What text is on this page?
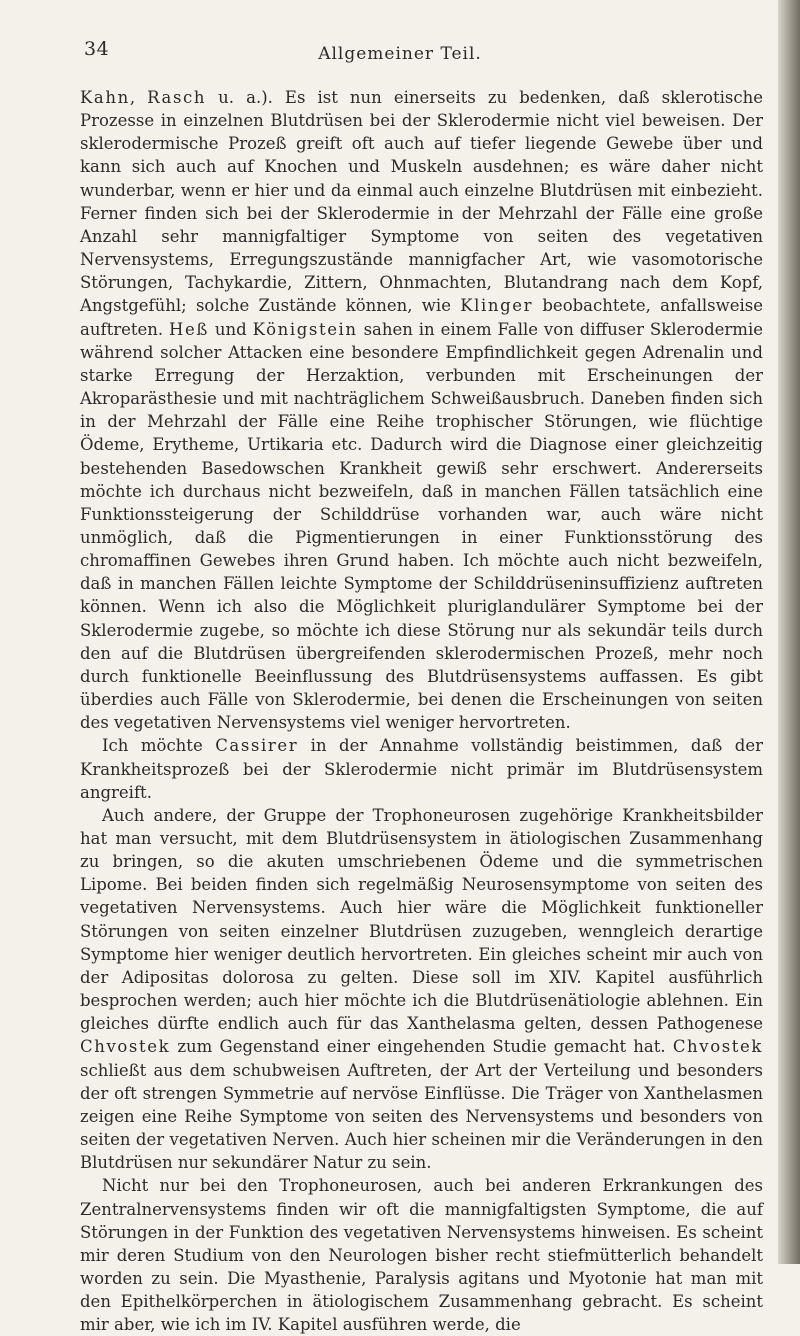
34	Allgemeiner Teil.

Kahn, Rasch u. a.). Es ist nun einerseits zu bedenken, daß sklerotische Prozesse in einzelnen Blutdrüsen bei der Sklerodermie nicht viel beweisen. Der sklerodermische Prozeß greift oft auch auf tiefer liegende Gewebe über und kann sich auch auf Knochen und Muskeln ausdehnen; es wäre daher nicht wunderbar, wenn er hier und da einmal auch einzelne Blutdrüsen mit einbezieht. Ferner finden sich bei der Sklerodermie in der Mehrzahl der Fälle eine große Anzahl sehr mannigfaltiger Symptome von seiten des vegetativen Nervensystems, Erregungszustände mannigfacher Art, wie vasomotorische Störungen, Tachykardie, Zittern, Ohnmachten, Blutandrang nach dem Kopf, Angstgefühl; solche Zustände können, wie Klinger beobachtete, anfallsweise auftreten. Heß und Königstein sahen in einem Falle von diffuser Sklerodermie während solcher Attacken eine besondere Empfindlichkeit gegen Adrenalin und starke Erregung der Herzaktion, verbunden mit Erscheinungen der Akroparästhesie und mit nachträglichem Schweißausbruch. Daneben finden sich in der Mehrzahl der Fälle eine Reihe trophischer Störungen, wie flüchtige Ödeme, Erytheme, Urtikaria etc. Dadurch wird die Diagnose einer gleichzeitig bestehenden Basedowschen Krankheit gewiß sehr erschwert. Andererseits möchte ich durchaus nicht bezweifeln, daß in manchen Fällen tatsächlich eine Funktionssteigerung der Schilddrüse vorhanden war, auch wäre nicht unmöglich, daß die Pigmentierungen in einer Funktionsstörung des chromaffinen Gewebes ihren Grund haben. Ich möchte auch nicht bezweifeln, daß in manchen Fällen leichte Symptome der Schilddrüseninsuffizienz auftreten können. Wenn ich also die Möglichkeit pluriglandulärer Symptome bei der Sklerodermie zugebe, so möchte ich diese Störung nur als sekundär teils durch den auf die Blutdrüsen übergreifenden sklerodermischen Prozeß, mehr noch durch funktionelle Beeinflussung des Blutdrüsensystems auffassen. Es gibt überdies auch Fälle von Sklerodermie, bei denen die Erscheinungen von seiten des vegetativen Nervensystems viel weniger hervortreten.

Ich möchte Cassirer in der Annahme vollständig beistimmen, daß der Krankheitsprozeß bei der Sklerodermie nicht primär im Blutdrüsensystem angreift.

Auch andere, der Gruppe der Trophoneurosen zugehörige Krankheitsbilder hat man versucht, mit dem Blutdrüsensystem in ätiologischen Zusammenhang zu bringen, so die akuten umschriebenen Ödeme und die symmetrischen Lipome. Bei beiden finden sich regelmäßig Neurosensymptome von seiten des vegetativen Nervensystems. Auch hier wäre die Möglichkeit funktioneller Störungen von seiten einzelner Blutdrüsen zuzugeben, wenngleich derartige Symptome hier weniger deutlich hervortreten. Ein gleiches scheint mir auch von der Adipositas dolorosa zu gelten. Diese soll im XIV. Kapitel ausführlich besprochen werden; auch hier möchte ich die Blutdrüsenätiologie ablehnen. Ein gleiches dürfte endlich auch für das Xanthelasma gelten, dessen Pathogenese Chvostek zum Gegenstand einer eingehenden Studie gemacht hat. Chvostek schließt aus dem schubweisen Auftreten, der Art der Verteilung und besonders der oft strengen Symmetrie auf nervöse Einflüsse. Die Träger von Xanthelasmen zeigen eine Reihe Symptome von seiten des Nervensystems und besonders von seiten der vegetativen Nerven. Auch hier scheinen mir die Veränderungen in den Blutdrüsen nur sekundärer Natur zu sein.

Nicht nur bei den Trophoneurosen, auch bei anderen Erkrankungen des Zentralnervensystems finden wir oft die mannigfaltigsten Symptome, die auf Störungen in der Funktion des vegetativen Nervensystems hinweisen. Es scheint mir deren Studium von den Neurologen bisher recht stiefmütterlich behandelt worden zu sein. Die Myasthenie, Paralysis agitans und Myotonie hat man mit den Epithelkörperchen in ätiologischem Zusammenhang gebracht. Es scheint mir aber, wie ich im IV. Kapitel ausführen werde, die
